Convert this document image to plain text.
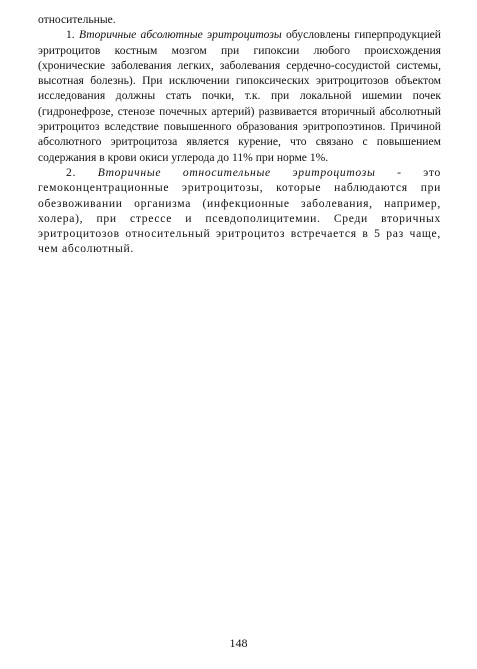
относительные.

1. Вторичные абсолютные эритроцитозы обусловлены гиперпродукцией эритроцитов костным мозгом при гипоксии любого происхождения (хронические заболевания легких, заболевания сердечно-сосудистой системы, высотная болезнь). При исключении гипоксических эритроцитозов объектом исследования должны стать почки, т.к. при локальной ишемии почек (гидронефрозе, стенозе почечных артерий) развивается вторичный абсолютный эритроцитоз вследствие повышенного образования эритропоэтинов. Причиной абсолютного эритроцитоза является курение, что связано с повышением содержания в крови окиси углерода до 11% при норме 1%.

2. Вторичные относительные эритроцитозы - это гемоконцентрационные эритроцитозы, которые наблюдаются при обезвоживании организма (инфекционные заболевания, например, холера), при стрессе и псевдополицитемии. Среди вторичных эритроцитозов относительный эритроцитоз встречается в 5 раз чаще, чем абсолютный.

148
